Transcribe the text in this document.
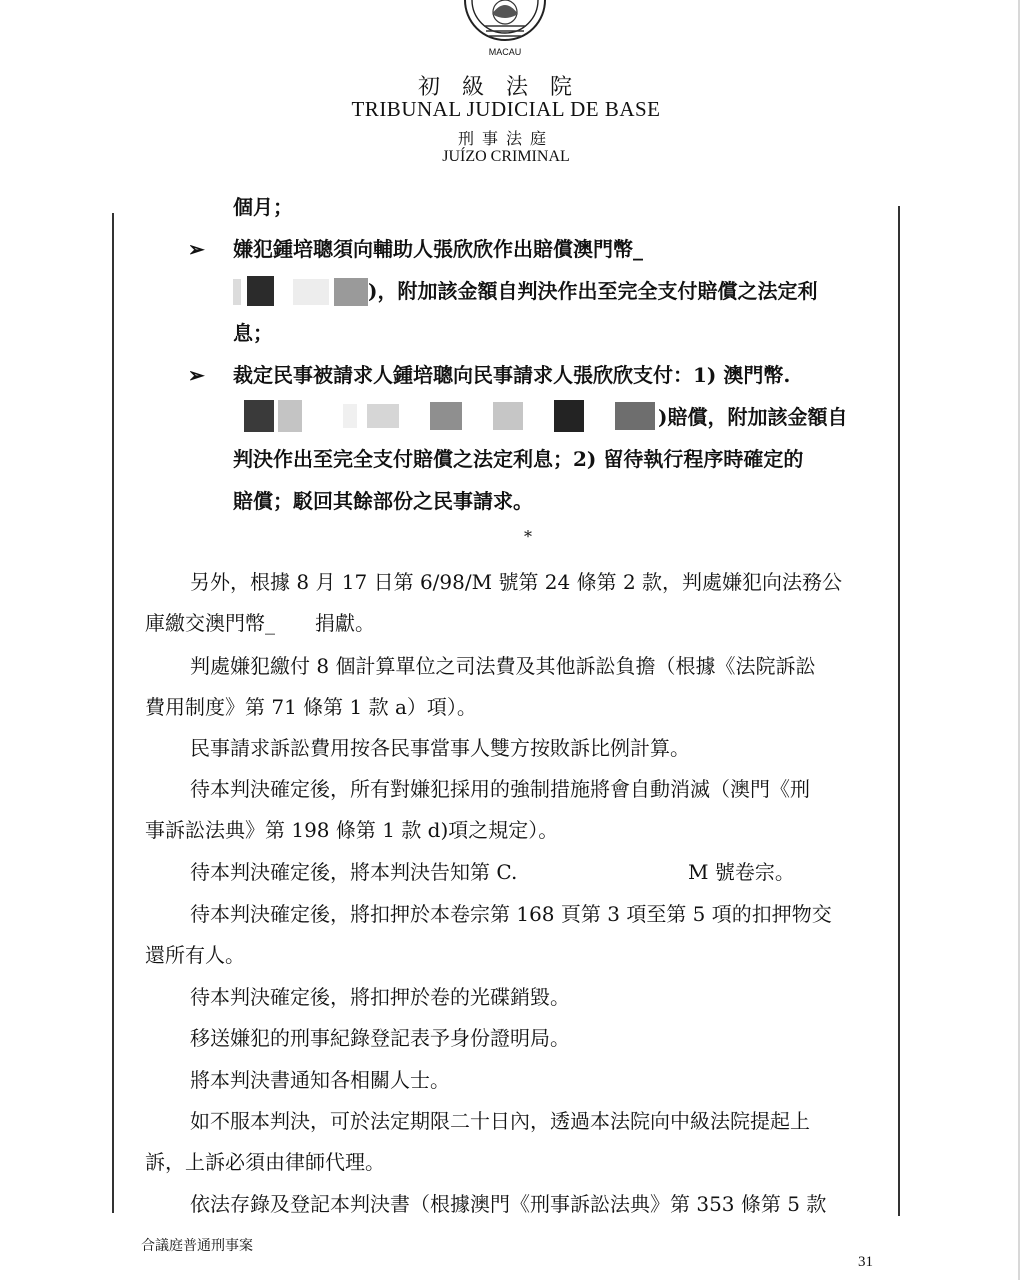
MACAU
初級法院
TRIBUNAL JUDICIAL DE BASE
刑事法庭
JUÍZO CRIMINAL
個月；
➢ 嫌犯鍾培聰須向輔助人張欣欣作出賠償澳門幣_
)，附加該金額自判決作出至完全支付賠償之法定利
息；
➢ 裁定民事被請求人鍾培聰向民事請求人張欣欣支付：1) 澳門幣.
)賠償，附加該金額自
判決作出至完全支付賠償之法定利息；2) 留待執行程序時確定的
賠償；駁回其餘部份之民事請求。
*
另外，根據 8 月 17 日第 6/98/M 號第 24 條第 2 款，判處嫌犯向法務公
庫繳交澳門幣_ 捐獻。
判處嫌犯繳付 8 個計算單位之司法費及其他訴訟負擔（根據《法院訴訟
費用制度》第 71 條第 1 款 a）項）。
民事請求訴訟費用按各民事當事人雙方按敗訴比例計算。
待本判決確定後，所有對嫌犯採用的強制措施將會自動消滅（澳門《刑
事訴訟法典》第 198 條第 1 款 d)項之規定）。
待本判決確定後，將本判決告知第 C.	M 號卷宗。
待本判決確定後，將扣押於本卷宗第 168 頁第 3 項至第 5 項的扣押物交
還所有人。
待本判決確定後，將扣押於卷的光碟銷毀。
移送嫌犯的刑事紀錄登記表予身份證明局。
將本判決書通知各相關人士。
如不服本判決，可於法定期限二十日內，透過本法院向中級法院提起上
訴，上訴必須由律師代理。
依法存錄及登記本判決書（根據澳門《刑事訴訟法典》第 353 條第 5 款
合議庭普通刑事案
31
